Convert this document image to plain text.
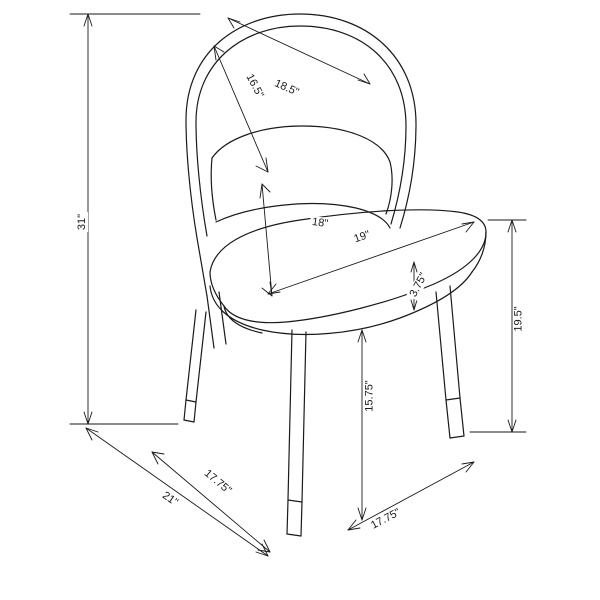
31"
16.5" 18.5"
18"
19"
3.75"
19.5"
15.75"
17.75"
21"
17.75"
